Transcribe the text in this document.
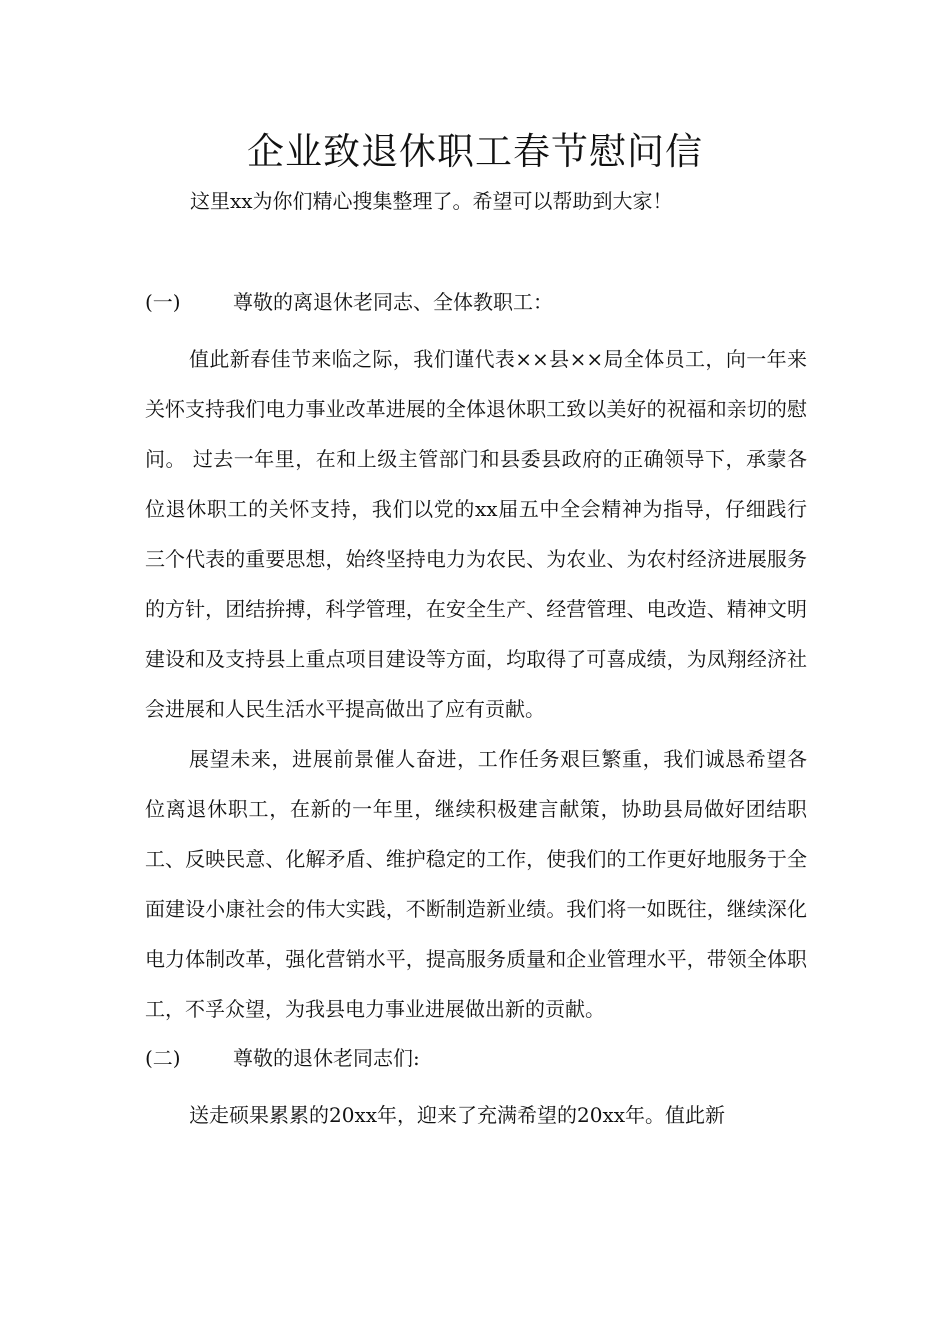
企业致退休职工春节慰问信
这里xx为你们精心搜集整理了。希望可以帮助到大家！
(一)	尊敬的离退休老同志、全体教职工：

值此新春佳节来临之际，我们谨代表××县××局全体员工，向一年来关怀支持我们电力事业改革进展的全体退休职工致以美好的祝福和亲切的慰问。 过去一年里，在和上级主管部门和县委县政府的正确领导下，承蒙各位退休职工的关怀支持，我们以党的xx届五中全会精神为指导，仔细践行三个代表的重要思想，始终坚持电力为农民、为农业、为农村经济进展服务的方针，团结拚搏，科学管理，在安全生产、经营管理、电改造、精神文明建设和及支持县上重点项目建设等方面，均取得了可喜成绩，为凤翔经济社会进展和人民生活水平提高做出了应有贡献。

展望未来，进展前景催人奋进，工作任务艰巨繁重，我们诚恳希望各位离退休职工，在新的一年里，继续积极建言献策，协助县局做好团结职工、反映民意、化解矛盾、维护稳定的工作，使我们的工作更好地服务于全面建设小康社会的伟大实践，不断制造新业绩。我们将一如既往，继续深化电力体制改革，强化营销水平，提高服务质量和企业管理水平，带领全体职工，不孚众望，为我县电力事业进展做出新的贡献。

(二)	尊敬的退休老同志们:

送走硕果累累的20xx年，迎来了充满希望的20xx年。值此新
